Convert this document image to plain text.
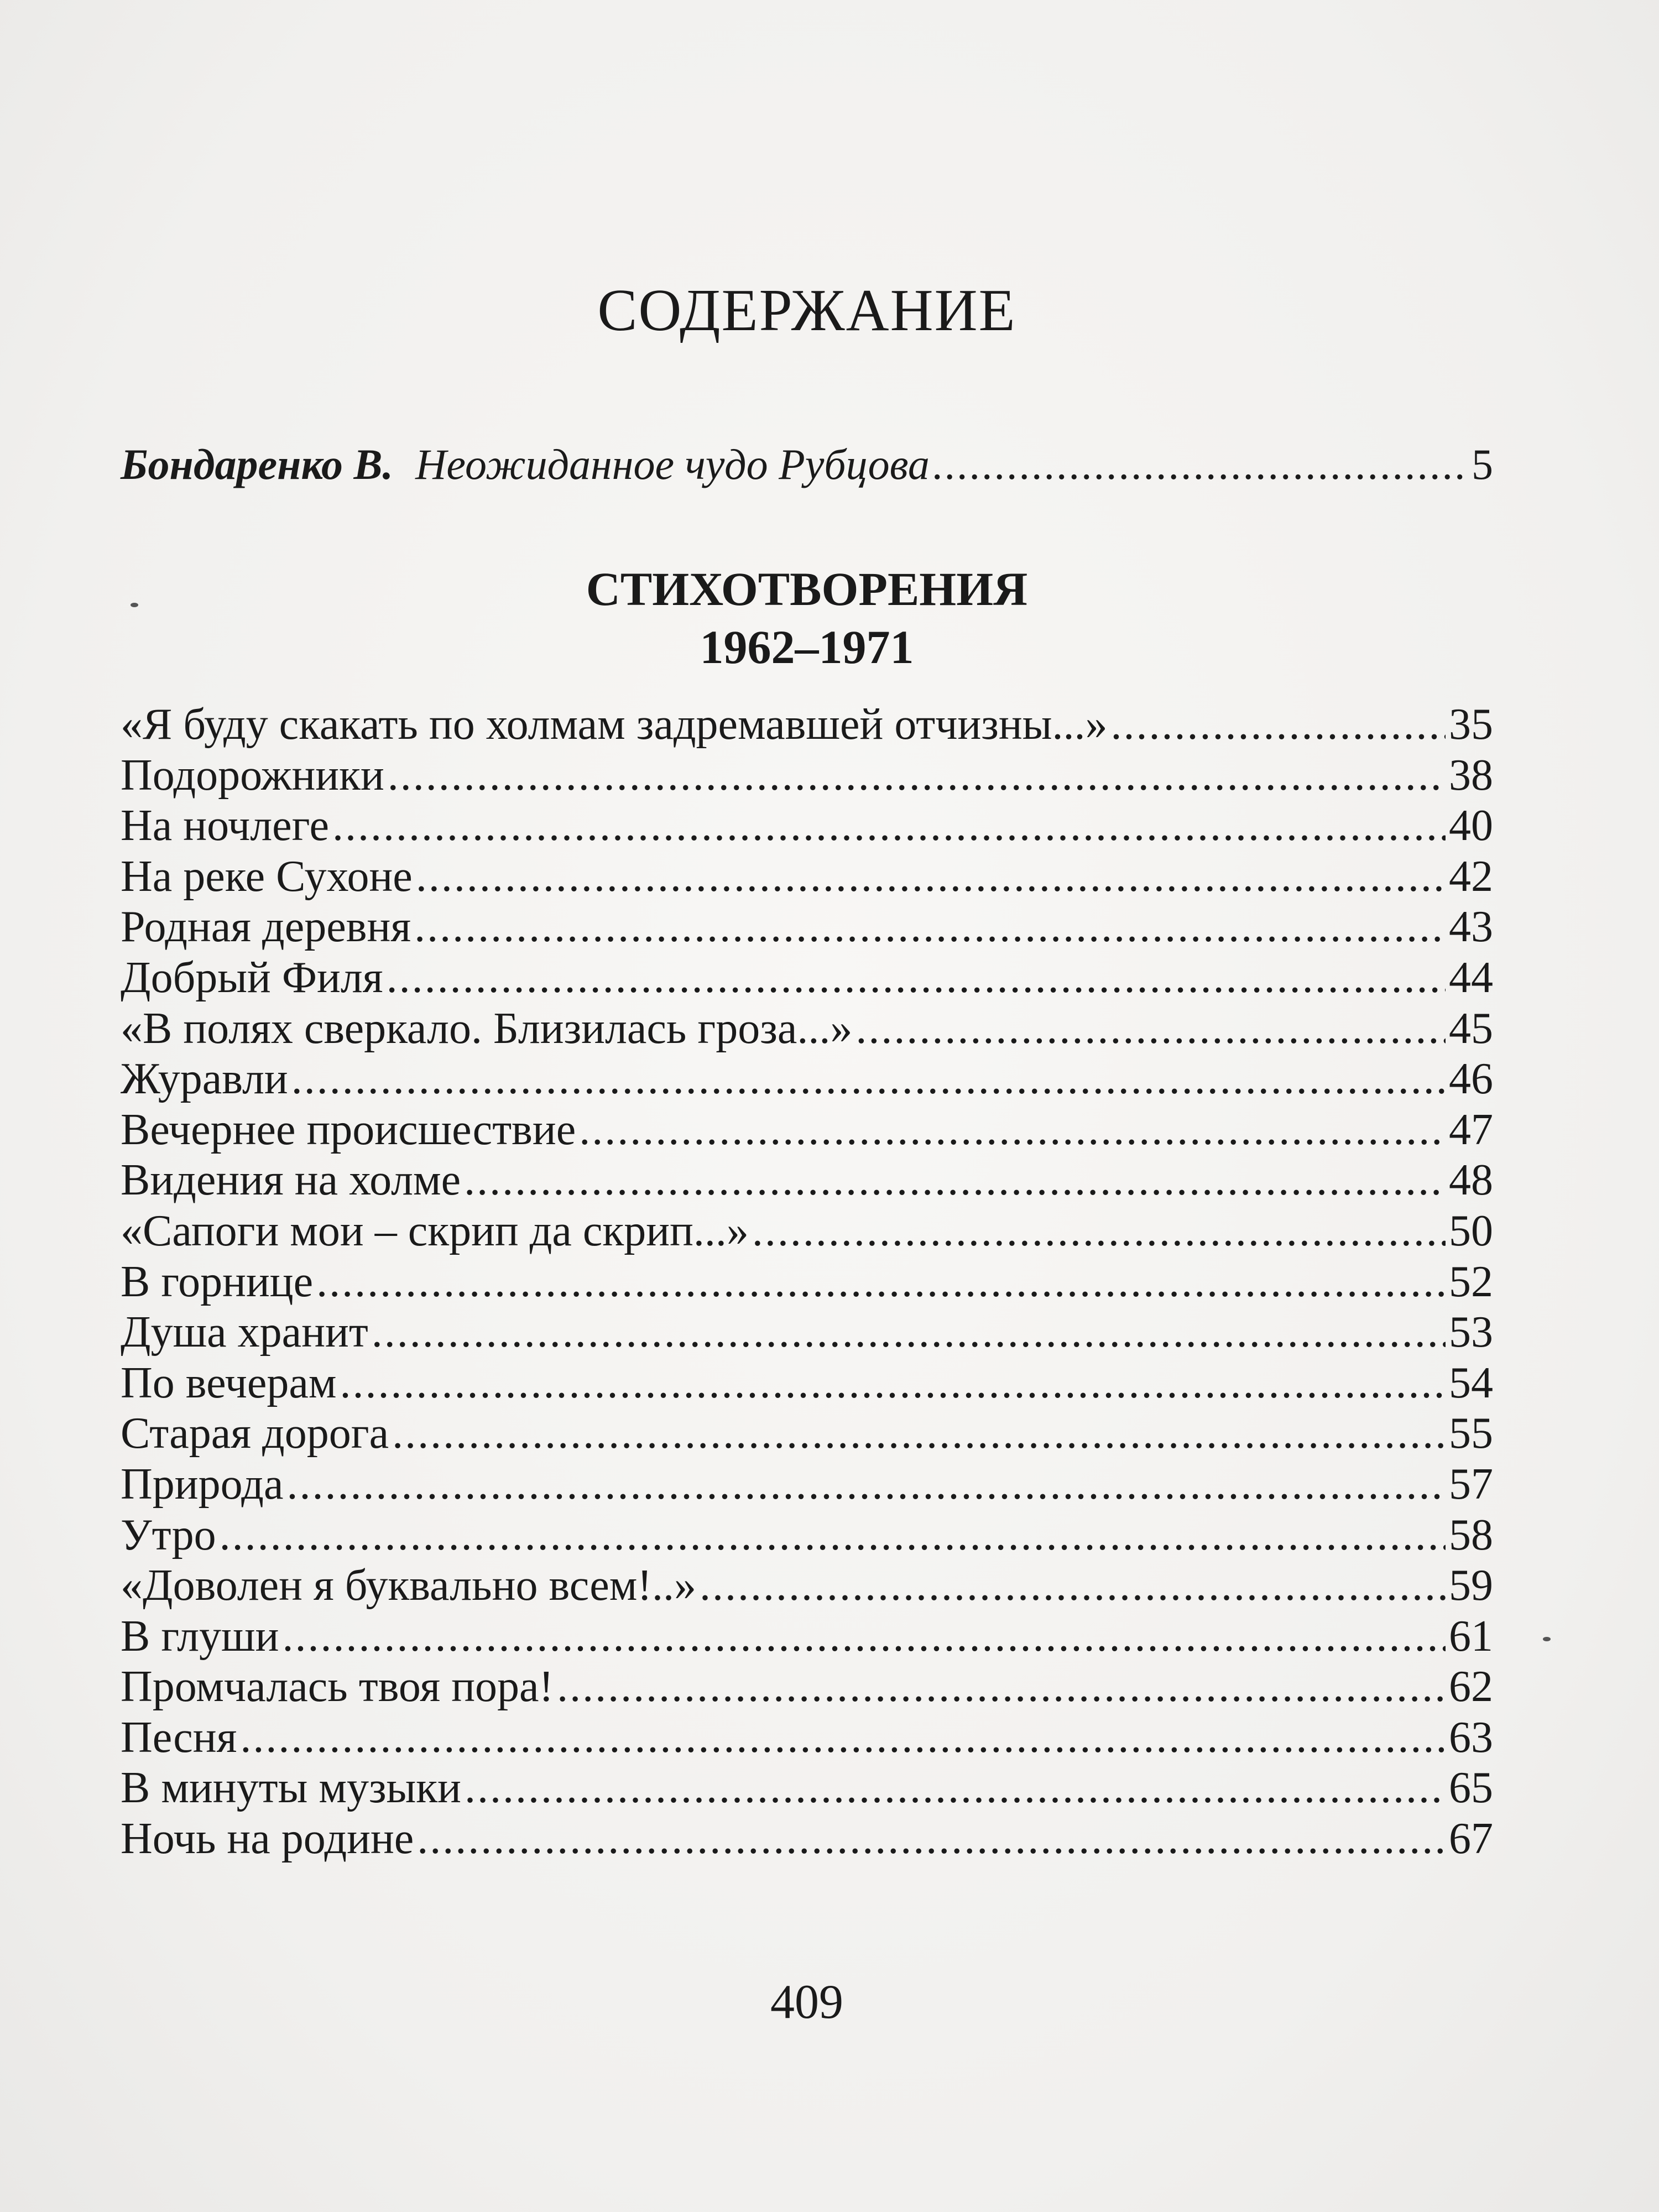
СОДЕРЖАНИЕ
Бондаренко В. Неожиданное чудо Рубцова .....	5
СТИХОТВОРЕНИЯ
1962–1971
«Я буду скакать по холмам задремавшей отчизны...» .....	35
Подорожники .....	38
На ночлеге .....	40
На реке Сухоне .....	42
Родная деревня .....	43
Добрый Филя .....	44
«В полях сверкало. Близилась гроза...» .....	45
Журавли .....	46
Вечернее происшествие .....	47
Видения на холме .....	48
«Сапоги мои – скрип да скрип...» .....	50
В горнице .....	52
Душа хранит .....	53
По вечерам .....	54
Старая дорога .....	55
Природа .....	57
Утро .....	58
«Доволен я буквально всем!..» .....	59
В глуши .....	61
Промчалась твоя пора! .....	62
Песня .....	63
В минуты музыки .....	65
Ночь на родине .....	67
409
